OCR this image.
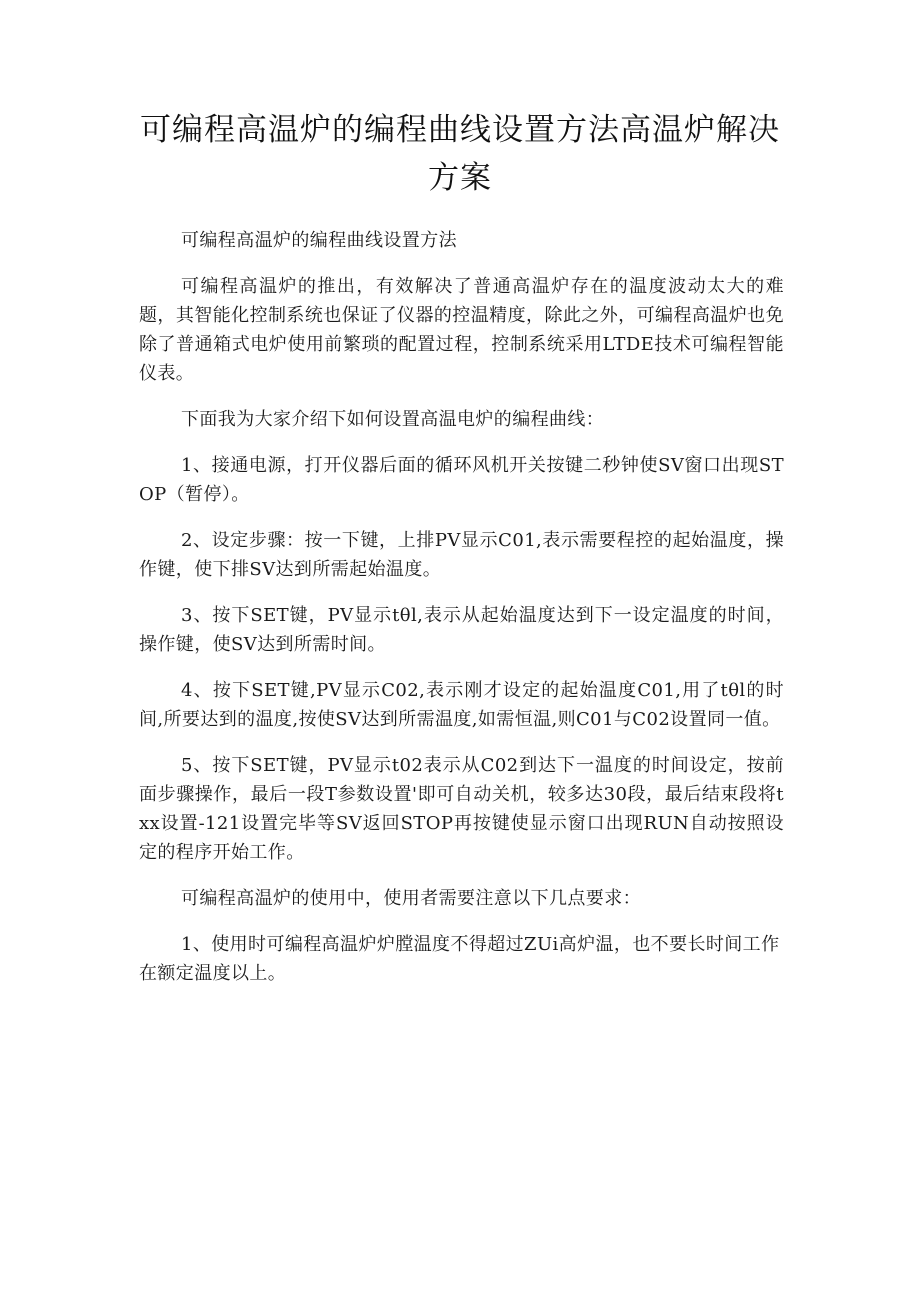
可编程高温炉的编程曲线设置方法高温炉解决方案

可编程高温炉的编程曲线设置方法

可编程高温炉的推出，有效解决了普通高温炉存在的温度波动太大的难题，其智能化控制系统也保证了仪器的控温精度，除此之外，可编程高温炉也免除了普通箱式电炉使用前繁琐的配置过程，控制系统采用LTDE技术可编程智能仪表。

下面我为大家介绍下如何设置高温电炉的编程曲线：

1、接通电源，打开仪器后面的循环风机开关按键二秒钟使SV窗口出现STOP（暂停）。

2、设定步骤：按一下键，上排PV显示C01,表示需要程控的起始温度，操作键，使下排SV达到所需起始温度。

3、按下SET键，PV显示tθl,表示从起始温度达到下一设定温度的时间，操作键，使SV达到所需时间。

4、按下SET键,PV显示C02,表示刚才设定的起始温度C01,用了tθl的时间,所要达到的温度,按使SV达到所需温度,如需恒温,则C01与C02设置同一值。

5、按下SET键，PV显示t02表示从C02到达下一温度的时间设定，按前面步骤操作，最后一段T参数设置'即可自动关机，较多达30段，最后结束段将txx设置-121设置完毕等SV返回STOP再按键使显示窗口出现RUN自动按照设定的程序开始工作。

可编程高温炉的使用中，使用者需要注意以下几点要求：

1、使用时可编程高温炉炉膛温度不得超过ZUi高炉温，也不要长时间工作在额定温度以上。
